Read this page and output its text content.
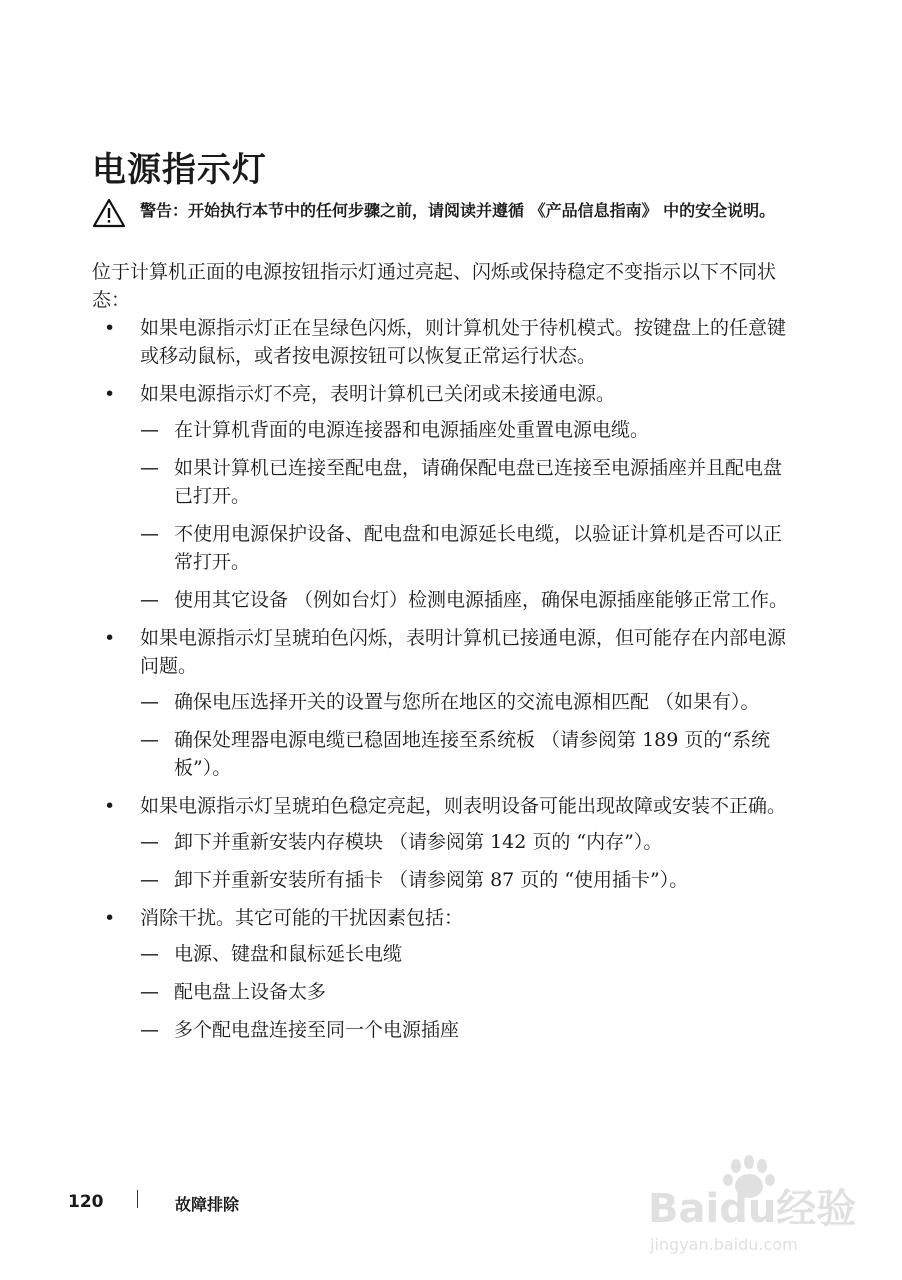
电源指示灯
警告：开始执行本节中的任何步骤之前，请阅读并遵循 《产品信息指南》 中的安全说明。
位于计算机正面的电源按钮指示灯通过亮起、闪烁或保持稳定不变指示以下不同状态：
• 如果电源指示灯正在呈绿色闪烁，则计算机处于待机模式。按键盘上的任意键或移动鼠标，或者按电源按钮可以恢复正常运行状态。
• 如果电源指示灯不亮，表明计算机已关闭或未接通电源。
— 在计算机背面的电源连接器和电源插座处重置电源电缆。
— 如果计算机已连接至配电盘，请确保配电盘已连接至电源插座并且配电盘已打开。
— 不使用电源保护设备、配电盘和电源延长电缆，以验证计算机是否可以正常打开。
— 使用其它设备 （例如台灯）检测电源插座，确保电源插座能够正常工作。
• 如果电源指示灯呈琥珀色闪烁，表明计算机已接通电源，但可能存在内部电源问题。
— 确保电压选择开关的设置与您所在地区的交流电源相匹配 （如果有）。
— 确保处理器电源电缆已稳固地连接至系统板 （请参阅第 189 页的“系统板”）。
• 如果电源指示灯呈琥珀色稳定亮起，则表明设备可能出现故障或安装不正确。
— 卸下并重新安装内存模块 （请参阅第 142 页的 “内存”）。
— 卸下并重新安装所有插卡 （请参阅第 87 页的 “使用插卡”）。
• 消除干扰。其它可能的干扰因素包括：
— 电源、键盘和鼠标延长电缆
— 配电盘上设备太多
— 多个配电盘连接至同一个电源插座
120	故障排除	Baidu经验
jingyan.baidu.com
